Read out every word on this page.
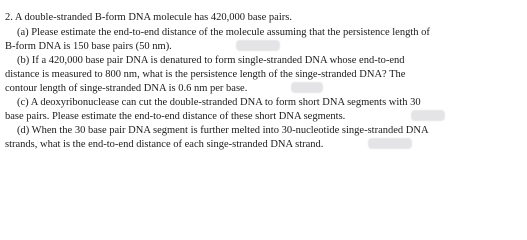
2. A double-stranded B-form DNA molecule has 420,000 base pairs.
(a) Please estimate the end-to-end distance of the molecule assuming that the persistence length of
B-form DNA is 150 base pairs (50 nm).
(b) If a 420,000 base pair DNA is denatured to form single-stranded DNA whose end-to-end
distance is measured to 800 nm, what is the persistence length of the singe-stranded DNA? The
contour length of singe-stranded DNA is 0.6 nm per base.
(c) A deoxyribonuclease can cut the double-stranded DNA to form short DNA segments with 30
base pairs. Please estimate the end-to-end distance of these short DNA segments.
(d) When the 30 base pair DNA segment is further melted into 30-nucleotide singe-stranded DNA
strands, what is the end-to-end distance of each singe-stranded DNA strand.
